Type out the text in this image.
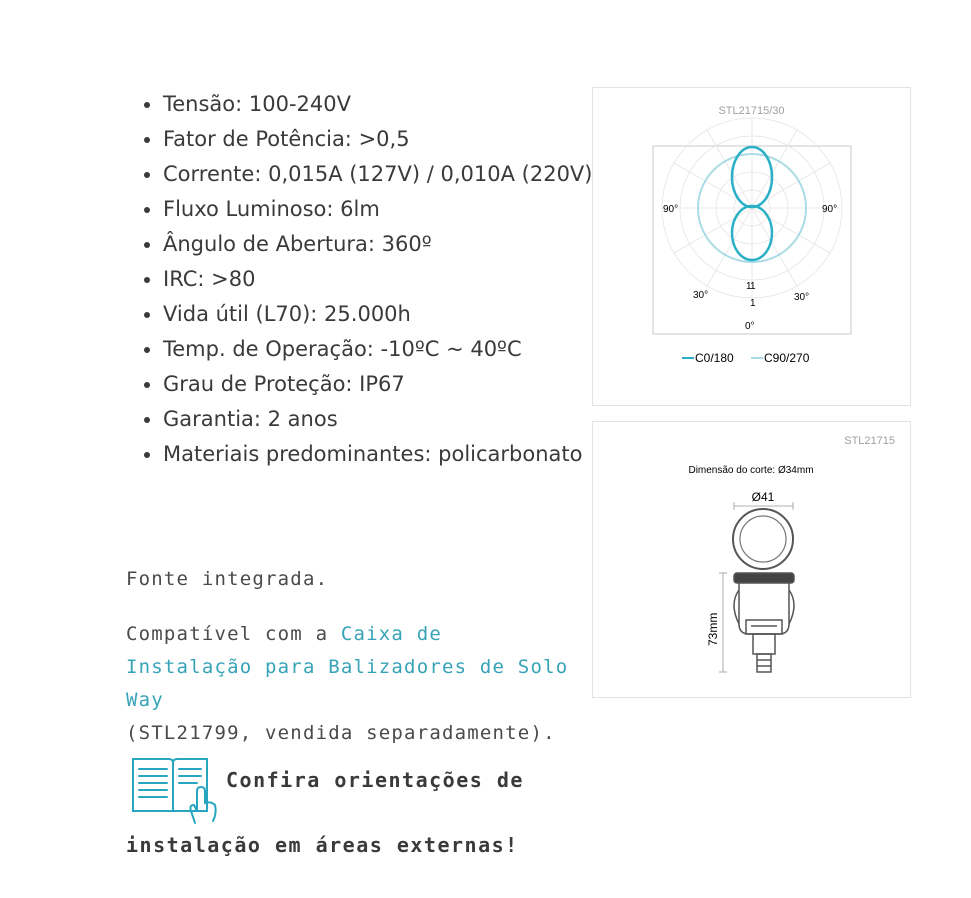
• Tensão: 100-240V
• Fator de Potência: >0,5
• Corrente: 0,015A (127V) / 0,010A (220V)
• Fluxo Luminoso: 6lm
• Ângulo de Abertura: 360º
• IRC: >80
• Vida útil (L70): 25.000h
• Temp. de Operação: -10ºC ~ 40ºC
• Grau de Proteção: IP67
• Garantia: 2 anos
• Materiais predominantes: policarbonato

Fonte integrada.

Compatível com a Caixa de Instalação para Balizadores de Solo Way
(STL21799, vendida separadamente).

Confira orientações de
instalação em áreas externas!
STL21715/30
90°	90°
30°	30°
1
1
1
0°
C0/180	C90/270
STL21715
Dimensão do corte: Ø34mm
Ø41
73mm
